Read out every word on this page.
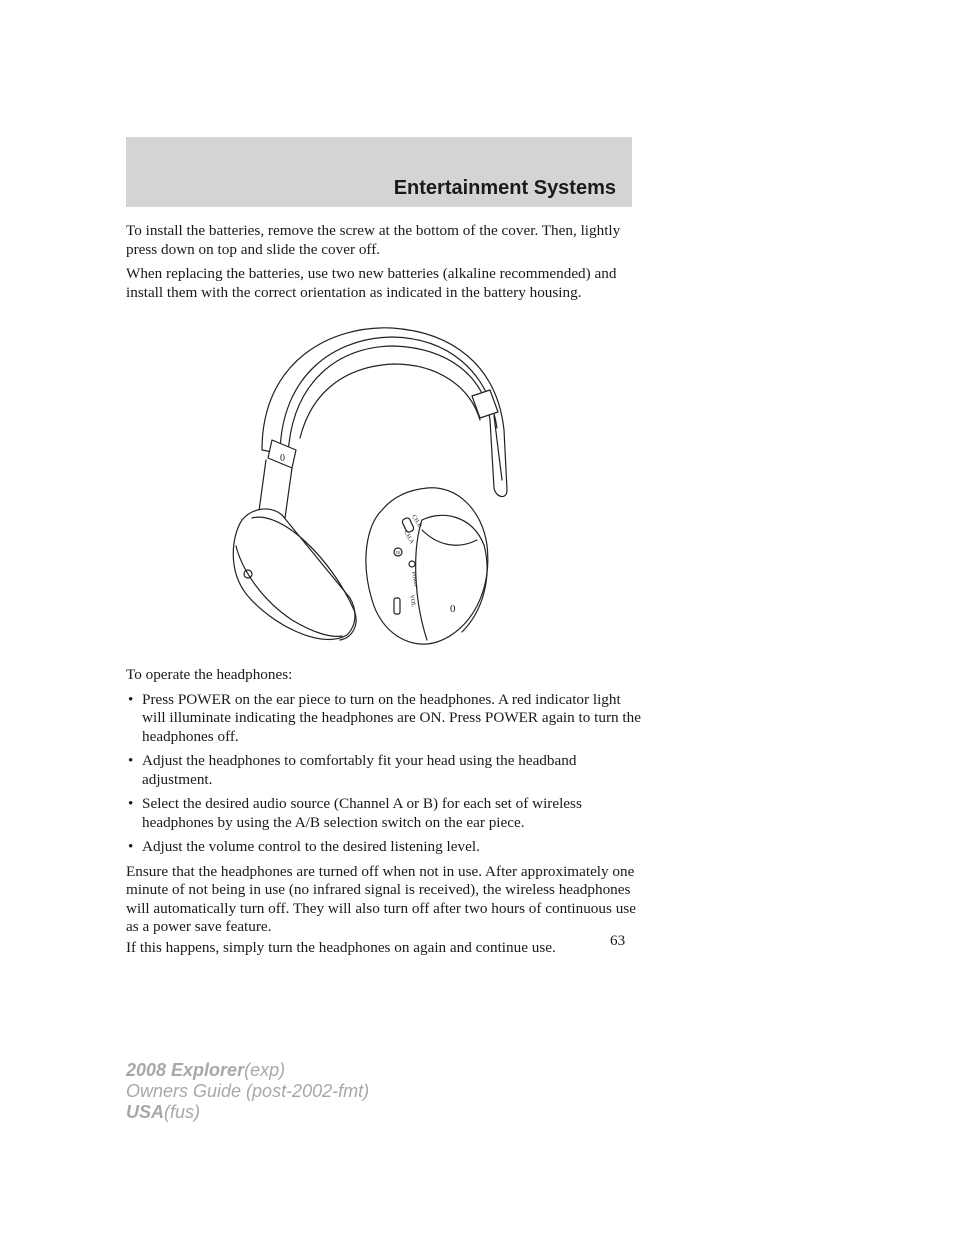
Entertainment Systems

To install the batteries, remove the screw at the bottom of the cover. Then, lightly press down on top and slide the cover off.

When replacing the batteries, use two new batteries (alkaline recommended) and install them with the correct orientation as indicated in the battery housing.

0
CH.B
CH.A
IR
Power
VOL
0

To operate the headphones:

• Press POWER on the ear piece to turn on the headphones. A red indicator light will illuminate indicating the headphones are ON. Press POWER again to turn the headphones off.
• Adjust the headphones to comfortably fit your head using the headband adjustment.
• Select the desired audio source (Channel A or B) for each set of wireless headphones by using the A/B selection switch on the ear piece.
• Adjust the volume control to the desired listening level.

Ensure that the headphones are turned off when not in use. After approximately one minute of not being in use (no infrared signal is received), the wireless headphones will automatically turn off. They will also turn off after two hours of continuous use as a power save feature.

If this happens, simply turn the headphones on again and continue use.	63
2008 Explorer(exp)
Owners Guide (post-2002-fmt)
USA(fus)
